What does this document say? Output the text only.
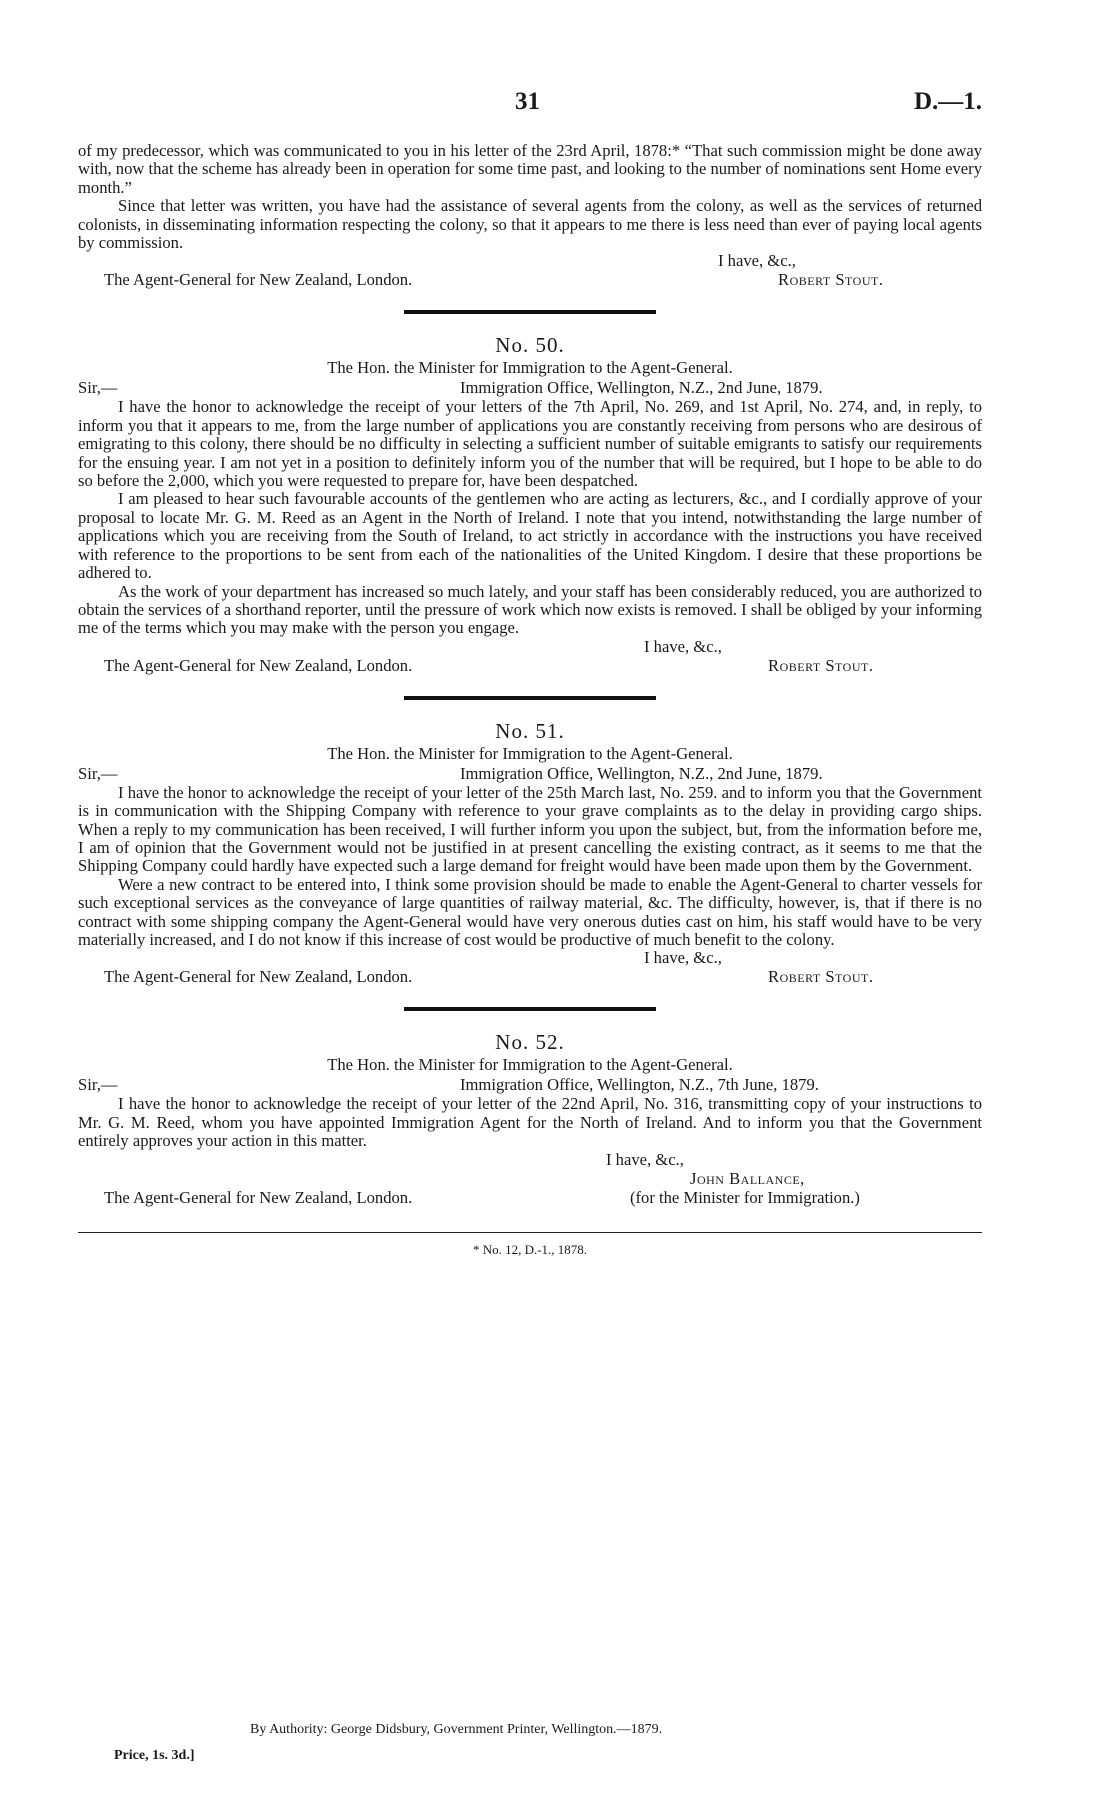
31	D.—1.

of my predecessor, which was communicated to you in his letter of the 23rd April, 1878:* “That such commission might be done away with, now that the scheme has already been in operation for some time past, and looking to the number of nominations sent Home every month.”

Since that letter was written, you have had the assistance of several agents from the colony, as well as the services of returned colonists, in disseminating information respecting the colony, so that it appears to me there is less need than ever of paying local agents by commission.

I have, &c.,
The Agent-General for New Zealand, London.	Robert Stout.
No. 50.
The Hon. the Minister for Immigration to the Agent-General.
Sir,—	Immigration Office, Wellington, N.Z., 2nd June, 1879.

I have the honor to acknowledge the receipt of your letters of the 7th April, No. 269, and 1st April, No. 274, and, in reply, to inform you that it appears to me, from the large number of applications you are constantly receiving from persons who are desirous of emigrating to this colony, there should be no difficulty in selecting a sufficient number of suitable emigrants to satisfy our requirements for the ensuing year. I am not yet in a position to definitely inform you of the number that will be required, but I hope to be able to do so before the 2,000, which you were requested to prepare for, have been despatched.

I am pleased to hear such favourable accounts of the gentlemen who are acting as lecturers, &c., and I cordially approve of your proposal to locate Mr. G. M. Reed as an Agent in the North of Ireland. I note that you intend, notwithstanding the large number of applications which you are receiving from the South of Ireland, to act strictly in accordance with the instructions you have received with reference to the proportions to be sent from each of the nationalities of the United Kingdom. I desire that these proportions be adhered to.

As the work of your department has increased so much lately, and your staff has been considerably reduced, you are authorized to obtain the services of a shorthand reporter, until the pressure of work which now exists is removed. I shall be obliged by your informing me of the terms which you may make with the person you engage.

I have, &c.,
The Agent-General for New Zealand, London.	Robert Stout.
No. 51.
The Hon. the Minister for Immigration to the Agent-General.
Sir,—	Immigration Office, Wellington, N.Z., 2nd June, 1879.

I have the honor to acknowledge the receipt of your letter of the 25th March last, No. 259. and to inform you that the Government is in communication with the Shipping Company with reference to your grave complaints as to the delay in providing cargo ships. When a reply to my communication has been received, I will further inform you upon the subject, but, from the information before me, I am of opinion that the Government would not be justified in at present cancelling the existing contract, as it seems to me that the Shipping Company could hardly have expected such a large demand for freight would have been made upon them by the Government.

Were a new contract to be entered into, I think some provision should be made to enable the Agent-General to charter vessels for such exceptional services as the conveyance of large quantities of railway material, &c. The difficulty, however, is, that if there is no contract with some shipping company the Agent-General would have very onerous duties cast on him, his staff would have to be very materially increased, and I do not know if this increase of cost would be productive of much benefit to the colony.

I have, &c.,
The Agent-General for New Zealand, London.	Robert Stout.
No. 52.
The Hon. the Minister for Immigration to the Agent-General.
Sir,—	Immigration Office, Wellington, N.Z., 7th June, 1879.

I have the honor to acknowledge the receipt of your letter of the 22nd April, No. 316, transmitting copy of your instructions to Mr. G. M. Reed, whom you have appointed Immigration Agent for the North of Ireland. And to inform you that the Government entirely approves your action in this matter.

I have, &c.,
John Ballance,
The Agent-General for New Zealand, London.	(for the Minister for Immigration.)
* No. 12, D.-1., 1878.
By Authority: George Didsbury, Government Printer, Wellington.—1879.
Price, 1s. 3d.]
